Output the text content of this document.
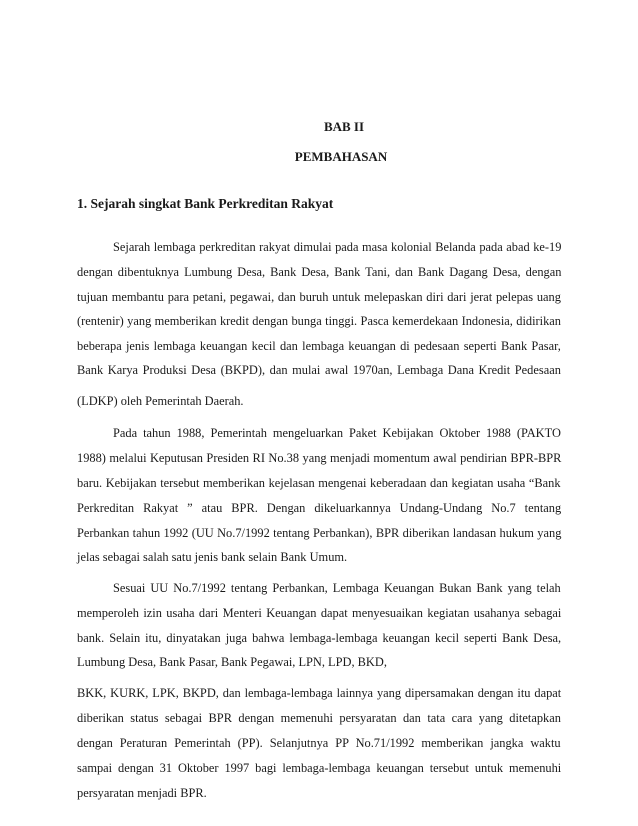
BAB II
PEMBAHASAN
1. Sejarah singkat Bank Perkreditan Rakyat
Sejarah lembaga perkreditan rakyat dimulai pada masa kolonial Belanda pada abad ke-19
dengan dibentuknya Lumbung Desa, Bank Desa, Bank Tani, dan Bank Dagang Desa, dengan
tujuan membantu para petani, pegawai, dan buruh untuk melepaskan diri dari jerat pelepas uang
(rentenir) yang memberikan kredit dengan bunga tinggi. Pasca kemerdekaan Indonesia, didirikan
beberapa jenis lembaga keuangan kecil dan lembaga keuangan di pedesaan seperti Bank Pasar,
Bank Karya Produksi Desa (BKPD), dan mulai awal 1970an, Lembaga Dana Kredit Pedesaan
(LDKP) oleh Pemerintah Daerah.
Pada tahun 1988, Pemerintah mengeluarkan Paket Kebijakan Oktober 1988 (PAKTO
1988) melalui Keputusan Presiden RI No.38 yang menjadi momentum awal pendirian BPR-BPR
baru. Kebijakan tersebut memberikan kejelasan mengenai keberadaan dan kegiatan usaha “Bank
Perkreditan Rakyat ” atau BPR. Dengan dikeluarkannya Undang-Undang No.7 tentang
Perbankan tahun 1992 (UU No.7/1992 tentang Perbankan), BPR diberikan landasan hukum yang
jelas sebagai salah satu jenis bank selain Bank Umum.
Sesuai UU No.7/1992 tentang Perbankan, Lembaga Keuangan Bukan Bank yang telah
memperoleh izin usaha dari Menteri Keuangan dapat menyesuaikan kegiatan usahanya sebagai
bank. Selain itu, dinyatakan juga bahwa lembaga-lembaga keuangan kecil seperti Bank Desa,
Lumbung Desa, Bank Pasar, Bank Pegawai, LPN, LPD, BKD,
BKK, KURK, LPK, BKPD, dan lembaga-lembaga lainnya yang dipersamakan dengan itu dapat
diberikan status sebagai BPR dengan memenuhi persyaratan dan tata cara yang ditetapkan
dengan Peraturan Pemerintah (PP). Selanjutnya PP No.71/1992 memberikan jangka waktu
sampai dengan 31 Oktober 1997 bagi lembaga-lembaga keuangan tersebut untuk memenuhi
persyaratan menjadi BPR.
